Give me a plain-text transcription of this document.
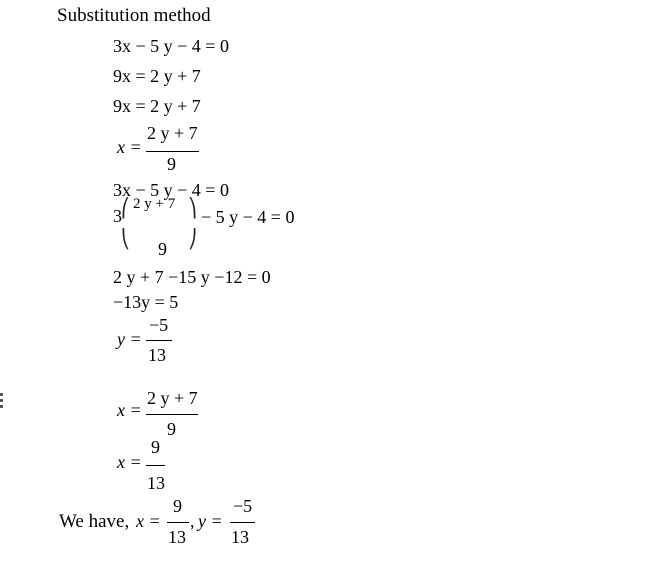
Substitution method
3x − 5 y − 4 = 0
9x = 2 y + 7
9x = 2 y + 7
x =
2 y + 7
9
3x − 5 y − 4 = 0
3 ⎛
⎝
2 y + 7
9
⎞
⎠
− 5 y − 4 = 0
2 y + 7 −15 y −12 = 0
−13y = 5
y =
−5
13
x =
2 y + 7
9
x =
9
13
We have, x =
9
13
, y =
−5
13
